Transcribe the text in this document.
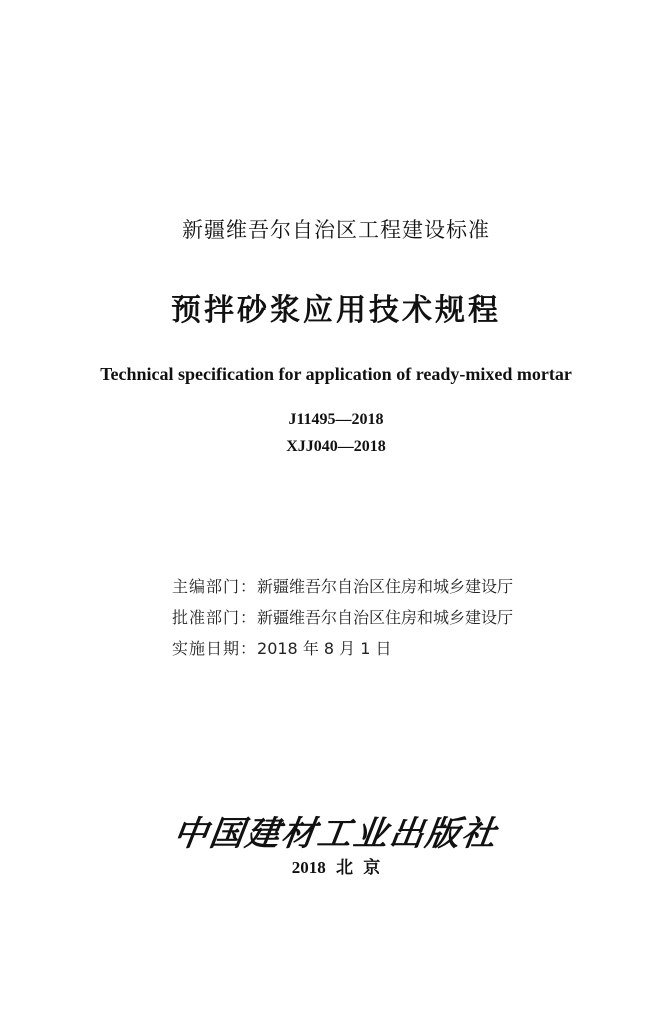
新疆维吾尔自治区工程建设标准
预拌砂浆应用技术规程
Technical specification for application of ready-mixed mortar
J11495—2018
XJJ040—2018
主编部门：新疆维吾尔自治区住房和城乡建设厅
批准部门：新疆维吾尔自治区住房和城乡建设厅
实施日期：2018 年 8 月 1 日
中国建材工业出版社
2018 北 京
